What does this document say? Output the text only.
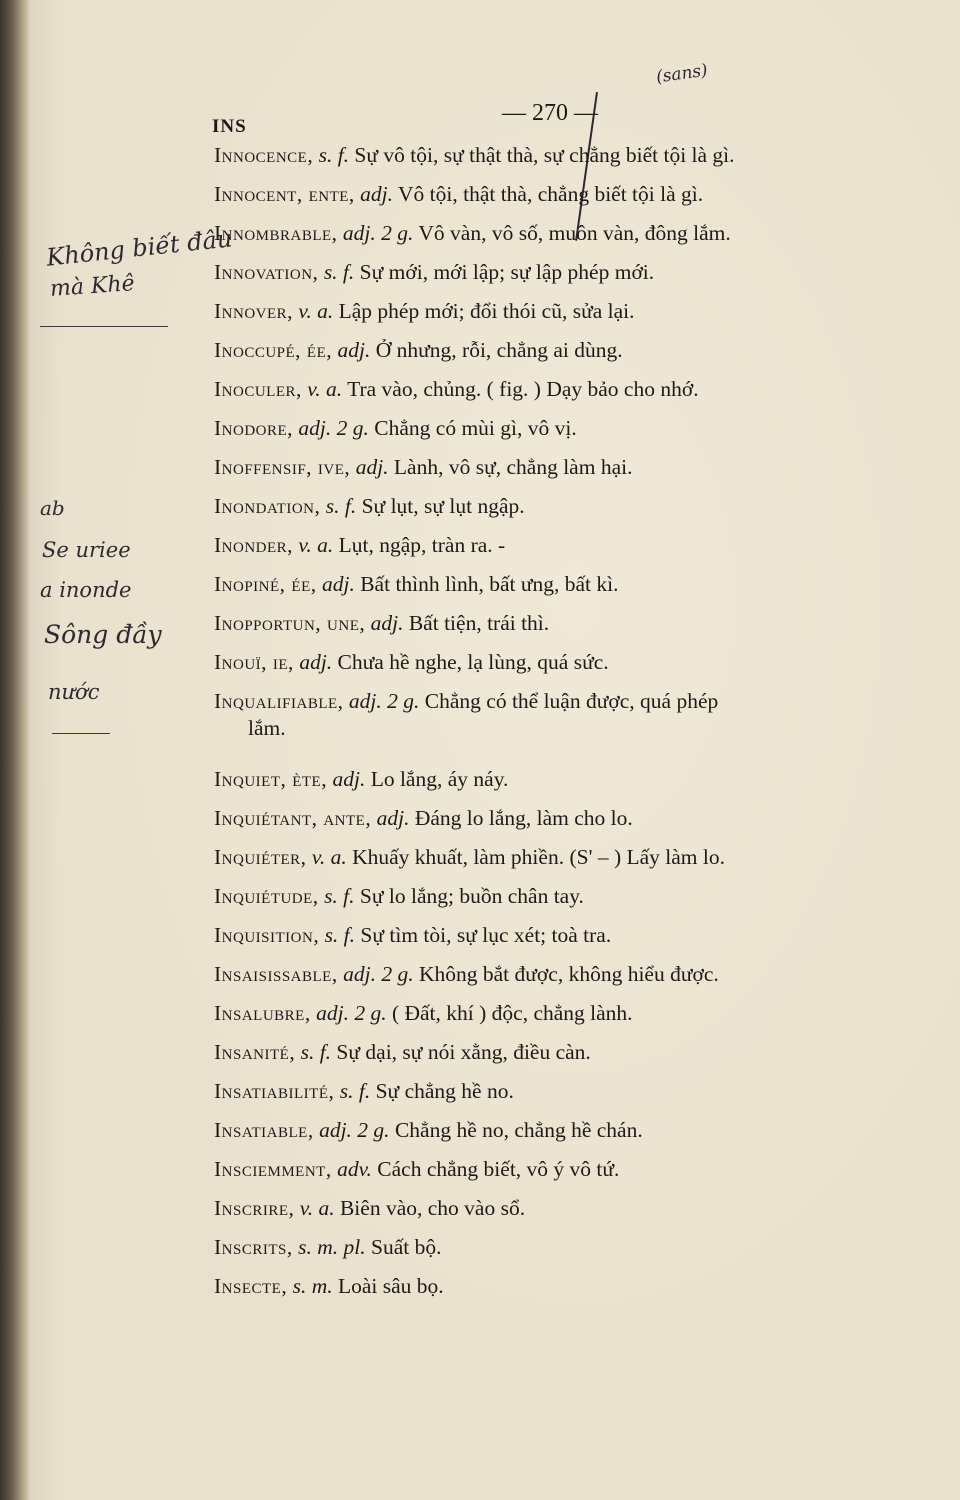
INS
— 270 —
(sans)
Không biết đâu
mà Khê
ab
Se uriee
a inonde
Sông đầy
nước
Innocence, s. f. Sự vô tội, sự thật thà, sự chẳng biết tội là gì.
Innocent, ente, adj. Vô tội, thật thà, chẳng biết tội là gì.
Innombrable, adj. 2 g. Vô vàn, vô số, muôn vàn, đông lắm.
Innovation, s. f. Sự mới, mới lập; sự lập phép mới.
Innover, v. a. Lập phép mới; đổi thói cũ, sửa lại.
Inoccupé, ée, adj. Ở nhưng, rỗi, chẳng ai dùng.
Inoculer, v. a. Tra vào, chủng. ( fig. ) Dạy bảo cho nhớ.
Inodore, adj. 2 g. Chẳng có mùi gì, vô vị.
Inoffensif, ive, adj. Lành, vô sự, chẳng làm hại.
Inondation, s. f. Sự lụt, sự lụt ngập.
Inonder, v. a. Lụt, ngập, tràn ra. -
Inopiné, ée, adj. Bất thình lình, bất ưng, bất kì.
Inopportun, une, adj. Bất tiện, trái thì.
Inouï, ie, adj. Chưa hề nghe, lạ lùng, quá sức.
Inqualifiable, adj. 2 g. Chẳng có thể luận được, quá phép
lắm.
Inquiet, ète, adj. Lo lắng, áy náy.
Inquiétant, ante, adj. Đáng lo lắng, làm cho lo.
Inquiéter, v. a. Khuấy khuất, làm phiền. (S' – ) Lấy làm lo.
Inquiétude, s. f. Sự lo lắng; buồn chân tay.
Inquisition, s. f. Sự tìm tòi, sự lục xét; toà tra.
Insaisissable, adj. 2 g. Không bắt được, không hiểu được.
Insalubre, adj. 2 g. ( Đất, khí ) độc, chẳng lành.
Insanité, s. f. Sự dại, sự nói xằng, điều càn.
Insatiabilité, s. f. Sự chẳng hề no.
Insatiable, adj. 2 g. Chẳng hề no, chẳng hề chán.
Insciemment, adv. Cách chẳng biết, vô ý vô tứ.
Inscrire, v. a. Biên vào, cho vào sổ.
Inscrits, s. m. pl. Suất bộ.
Insecte, s. m. Loài sâu bọ.
